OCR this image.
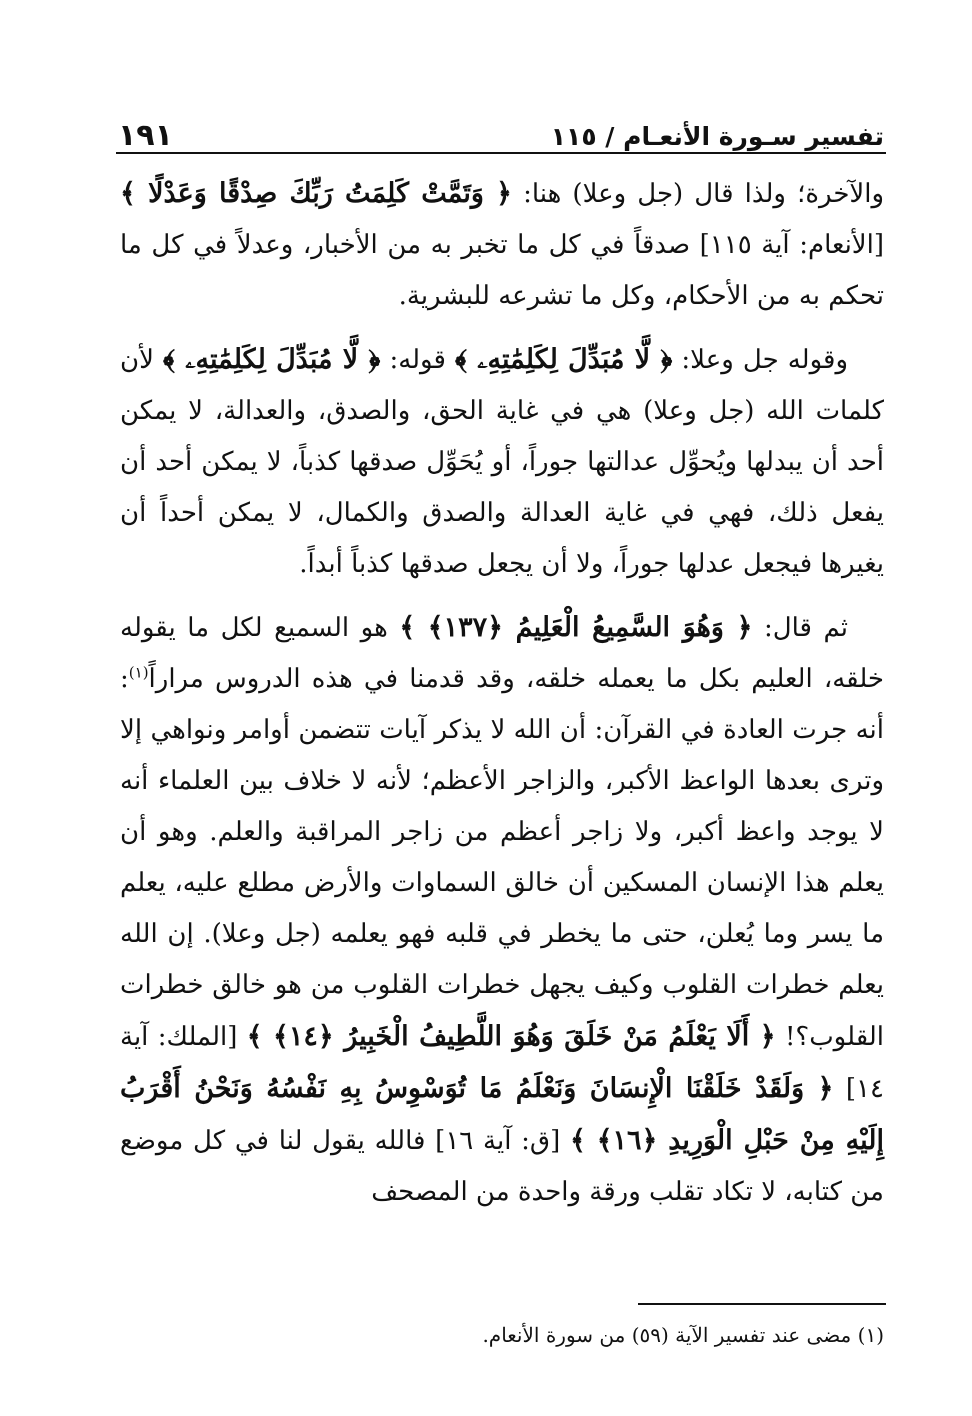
تفسير سـورة الأنعـام / ١١٥
١٩١

والآخرة؛ ولذا قال (جل وعلا) هنا: ﴿ وَتَمَّتْ كَلِمَتُ رَبِّكَ صِدْقًا وَعَدْلًا ﴾ [الأنعام: آية ١١٥] صدقاً في كل ما تخبر به من الأخبار، وعدلاً في كل ما تحكم به من الأحكام، وكل ما تشرعه للبشرية.

وقوله جل وعلا: ﴿ لَّا مُبَدِّلَ لِكَلِمَٰتِهِۦ ﴾ قوله: ﴿ لَّا مُبَدِّلَ لِكَلِمَٰتِهِۦ ﴾ لأن كلمات الله (جل وعلا) هي في غاية الحق، والصدق، والعدالة، لا يمكن أحد أن يبدلها ويُحوِّل عدالتها جوراً، أو يُحَوِّل صدقها كذباً، لا يمكن أحد أن يفعل ذلك، فهي في غاية العدالة والصدق والكمال، لا يمكن أحداً أن يغيرها فيجعل عدلها جوراً، ولا أن يجعل صدقها كذباً أبداً.

ثم قال: ﴿ وَهُوَ السَّمِيعُ الْعَلِيمُ ﴿١٣٧﴾ ﴾ هو السميع لكل ما يقوله خلقه، العليم بكل ما يعمله خلقه، وقد قدمنا في هذه الدروس مراراً$^{(١)}$: أنه جرت العادة في القرآن: أن الله لا يذكر آيات تتضمن أوامر ونواهي إلا وترى بعدها الواعظ الأكبر، والزاجر الأعظم؛ لأنه لا خلاف بين العلماء أنه لا يوجد واعظ أكبر، ولا زاجر أعظم من زاجر المراقبة والعلم. وهو أن يعلم هذا الإنسان المسكين أن خالق السماوات والأرض مطلع عليه، يعلم ما يسر وما يُعلن، حتى ما يخطر في قلبه فهو يعلمه (جل وعلا). إن الله يعلم خطرات القلوب وكيف يجهل خطرات القلوب من هو خالق خطرات القلوب؟! ﴿ أَلَا يَعْلَمُ مَنْ خَلَقَ وَهُوَ اللَّطِيفُ الْخَبِيرُ ﴿١٤﴾ ﴾ [الملك: آية ١٤] ﴿ وَلَقَدْ خَلَقْنَا الْإِنسَانَ وَنَعْلَمُ مَا تُوَسْوِسُ بِهِ نَفْسُهُ وَنَحْنُ أَقْرَبُ إِلَيْهِ مِنْ حَبْلِ الْوَرِيدِ ﴿١٦﴾ ﴾ [ق: آية ١٦] فالله يقول لنا في كل موضع من كتابه، لا تكاد تقلب ورقة واحدة من المصحف

(١) مضى عند تفسير الآية (٥٩) من سورة الأنعام.
